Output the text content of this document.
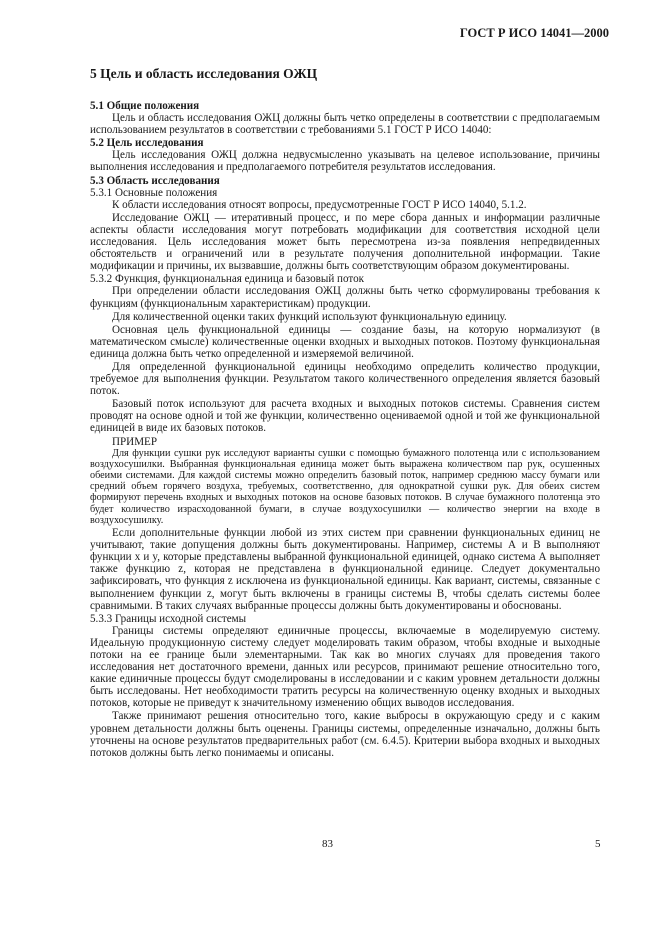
ГОСТ Р ИСО 14041—2000
5 Цель и область исследования ОЖЦ
5.1 Общие положения

Цель и область исследования ОЖЦ должны быть четко определены в соответствии с предполагаемым использованием результатов в соответствии с требованиями 5.1 ГОСТ Р ИСО 14040:

5.2 Цель исследования

Цель исследования ОЖЦ должна недвусмысленно указывать на целевое использование, причины выполнения исследования и предполагаемого потребителя результатов исследования.

5.3 Область исследования
5.3.1 Основные положения

К области исследования относят вопросы, предусмотренные ГОСТ Р ИСО 14040, 5.1.2.

Исследование ОЖЦ — итеративный процесс, и по мере сбора данных и информации различные аспекты области исследования могут потребовать модификации для соответствия исходной цели исследования. Цель исследования может быть пересмотрена из-за появления непредвиденных обстоятельств и ограничений или в результате получения дополнительной информации. Такие модификации и причины, их вызвавшие, должны быть соответствующим образом документированы.

5.3.2 Функция, функциональная единица и базовый поток

При определении области исследования ОЖЦ должны быть четко сформулированы требования к функциям (функциональным характеристикам) продукции.

Для количественной оценки таких функций используют функциональную единицу.

Основная цель функциональной единицы — создание базы, на которую нормализуют (в математическом смысле) количественные оценки входных и выходных потоков. Поэтому функциональная единица должна быть четко определенной и измеряемой величиной.

Для определенной функциональной единицы необходимо определить количество продукции, требуемое для выполнения функции. Результатом такого количественного определения является базовый поток.

Базовый поток используют для расчета входных и выходных потоков системы. Сравнения систем проводят на основе одной и той же функции, количественно оцениваемой одной и той же функциональной единицей в виде их базовых потоков.

ПРИМЕР

Для функции сушки рук исследуют варианты сушки с помощью бумажного полотенца или с использованием воздухосушилки. Выбранная функциональная единица может быть выражена количеством пар рук, осушенных обеими системами. Для каждой системы можно определить базовый поток, например среднюю массу бумаги или средний объем горячего воздуха, требуемых, соответственно, для однократной сушки рук. Для обеих систем формируют перечень входных и выходных потоков на основе базовых потоков. В случае бумажного полотенца это будет количество израсходованной бумаги, в случае воздухосушилки — количество энергии на входе в воздухосушилку.

Если дополнительные функции любой из этих систем при сравнении функциональных единиц не учитывают, такие допущения должны быть документированы. Например, системы А и В выполняют функции x и y, которые представлены выбранной функциональной единицей, однако система А выполняет также функцию z, которая не представлена в функциональной единице. Следует документально зафиксировать, что функция z исключена из функциональной единицы. Как вариант, системы, связанные с выполнением функции z, могут быть включены в границы системы В, чтобы сделать системы более сравнимыми. В таких случаях выбранные процессы должны быть документированы и обоснованы.

5.3.3 Границы исходной системы

Границы системы определяют единичные процессы, включаемые в моделируемую систему. Идеальную продукционную систему следует моделировать таким образом, чтобы входные и выходные потоки на ее границе были элементарными. Так как во многих случаях для проведения такого исследования нет достаточного времени, данных или ресурсов, принимают решение относительно того, какие единичные процессы будут смоделированы в исследовании и с каким уровнем детальности должны быть исследованы. Нет необходимости тратить ресурсы на количественную оценку входных и выходных потоков, которые не приведут к значительному изменению общих выводов исследования.

Также принимают решения относительно того, какие выбросы в окружающую среду и с каким уровнем детальности должны быть оценены. Границы системы, определенные изначально, должны быть уточнены на основе результатов предварительных работ (см. 6.4.5). Критерии выбора входных и выходных потоков должны быть легко понимаемы и описаны.

83	5
